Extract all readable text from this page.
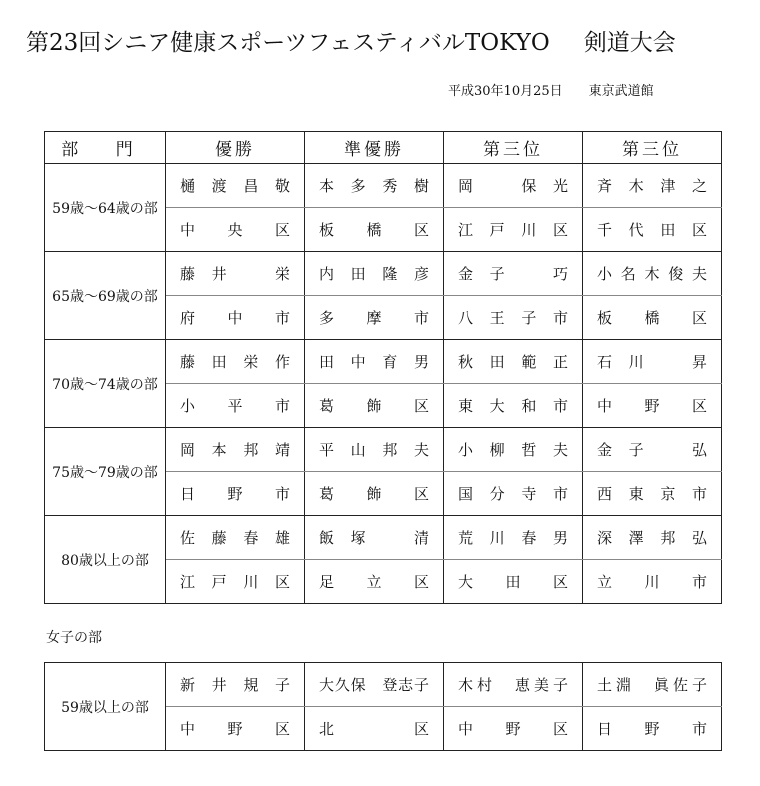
第23回シニア健康スポーツフェスティバルTOKYO 剣道大会
平成30年10月25日 東京武道館
部 門	優勝	準優勝	第三位	第三位
59歳～64歳の部	樋渡昌敬	本多秀樹	岡　保光	斉木津之

	中央区	板橋区	江戸川区	千代田区

65歳～69歳の部	藤井　栄	内田隆彦	金子　巧	小名木俊夫

	府中市	多摩市	八王子市	板橋区

70歳～74歳の部	藤田栄作	田中育男	秋田範正	石川　昇

	小平市	葛飾区	東大和市	中野区

75歳～79歳の部	岡本邦靖	平山邦夫	小柳哲夫	金子　弘

	日野市	葛飾区	国分寺市	西東京市

80歳以上の部	佐藤春雄	飯塚　清	荒川春男	深澤邦弘

	江戸川区	足立区	大田区	立川市
女子の部
59歳以上の部	新井規子	大久保　登志子	木村　恵美子	土淵　眞佐子

	中野区	北区	中野区	日野市
